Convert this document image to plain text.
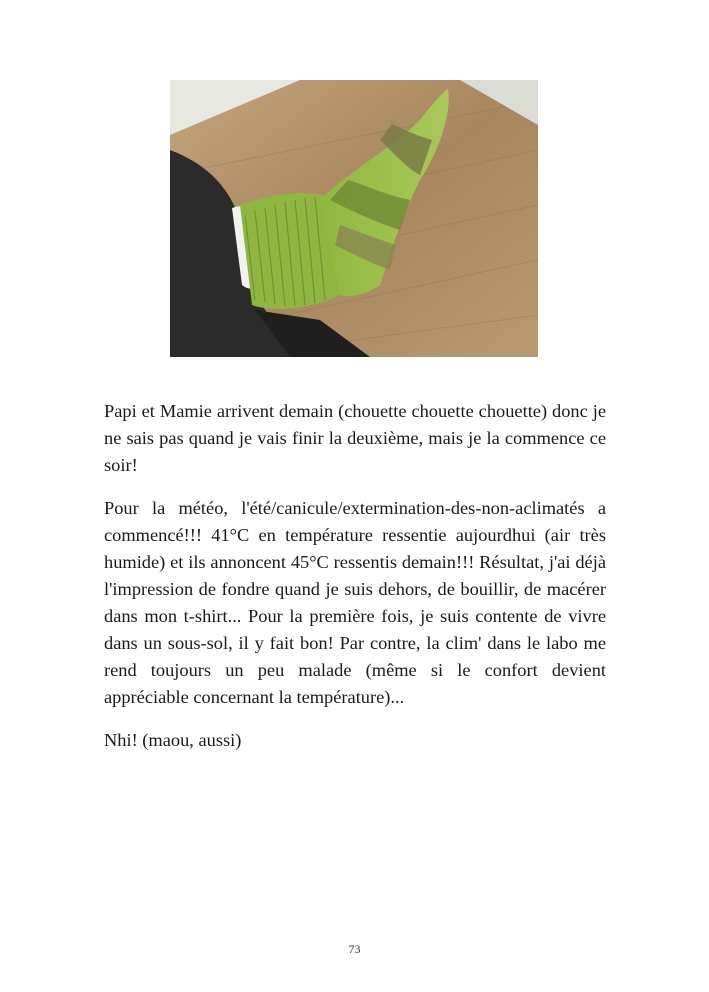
Papi et Mamie arrivent demain (chouette chouette chouette) donc je ne sais pas quand je vais finir la deuxième, mais je la commence ce soir!

Pour la météo, l'été/canicule/extermination-des-non-aclimatés a commencé!!! 41°C en température ressentie aujourdhui (air très humide) et ils annoncent 45°C ressentis demain!!! Résultat, j'ai déjà l'impression de fondre quand je suis dehors, de bouillir, de macérer dans mon t-shirt... Pour la première fois, je suis contente de vivre dans un sous-sol, il y fait bon! Par contre, la clim' dans le labo me rend toujours un peu malade (même si le confort devient appréciable concernant la température)...

Nhi! (maou, aussi)

73
